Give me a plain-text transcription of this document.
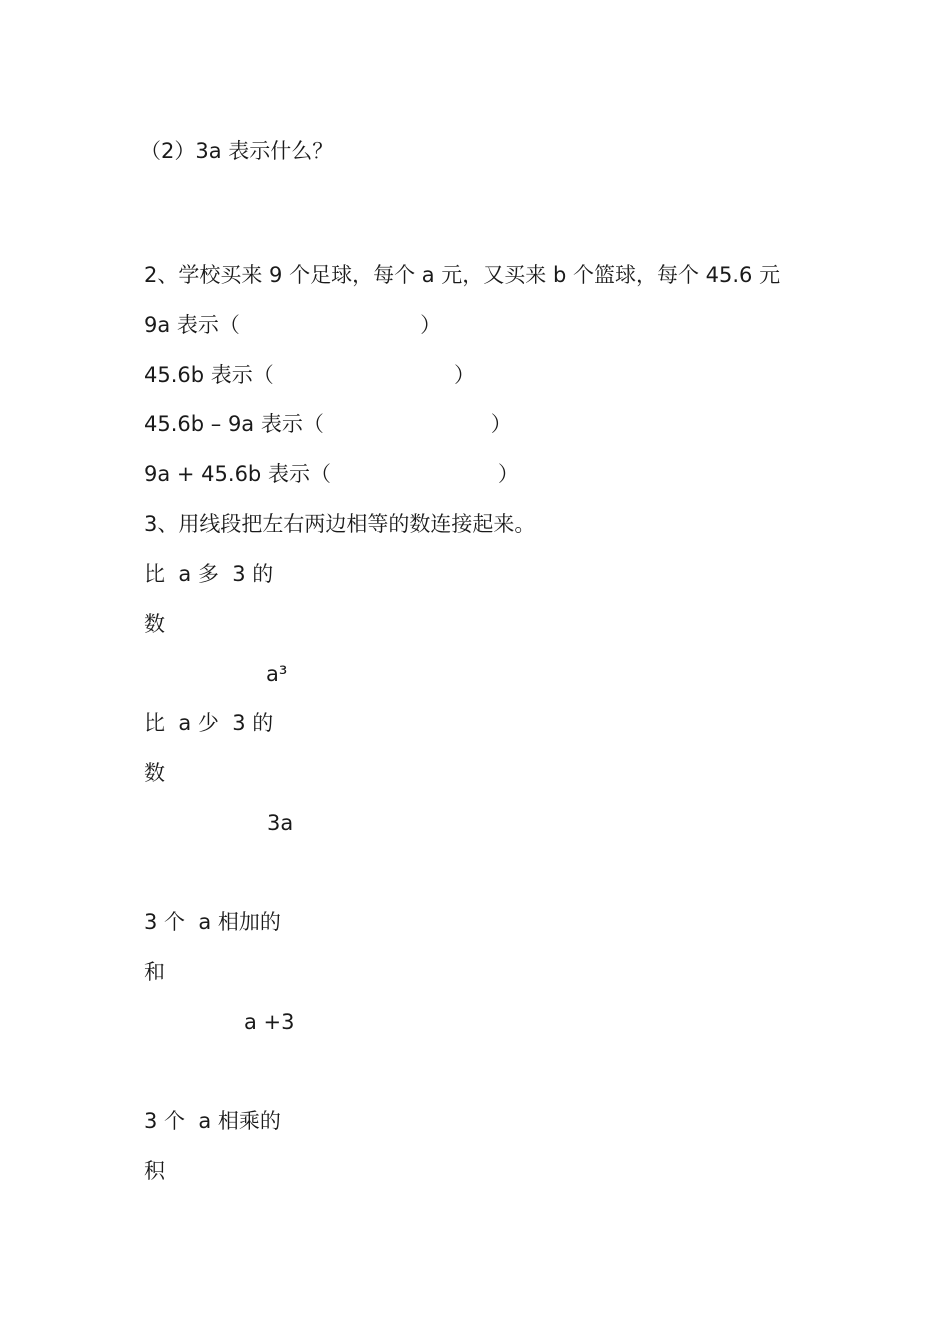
（2）3a 表示什么？
2、学校买来 9 个足球，每个 a 元，又买来 b 个篮球，每个 45.6 元
9a 表示（                           ）
45.6b 表示（                           ）
45.6b – 9a 表示（                         ）
9a + 45.6b 表示（                         ）
3、用线段把左右两边相等的数连接起来。
比  a 多  3 的
数
a³
比  a 少  3 的
数
3a
3 个  a 相加的
和
a +3
3 个  a 相乘的
积
